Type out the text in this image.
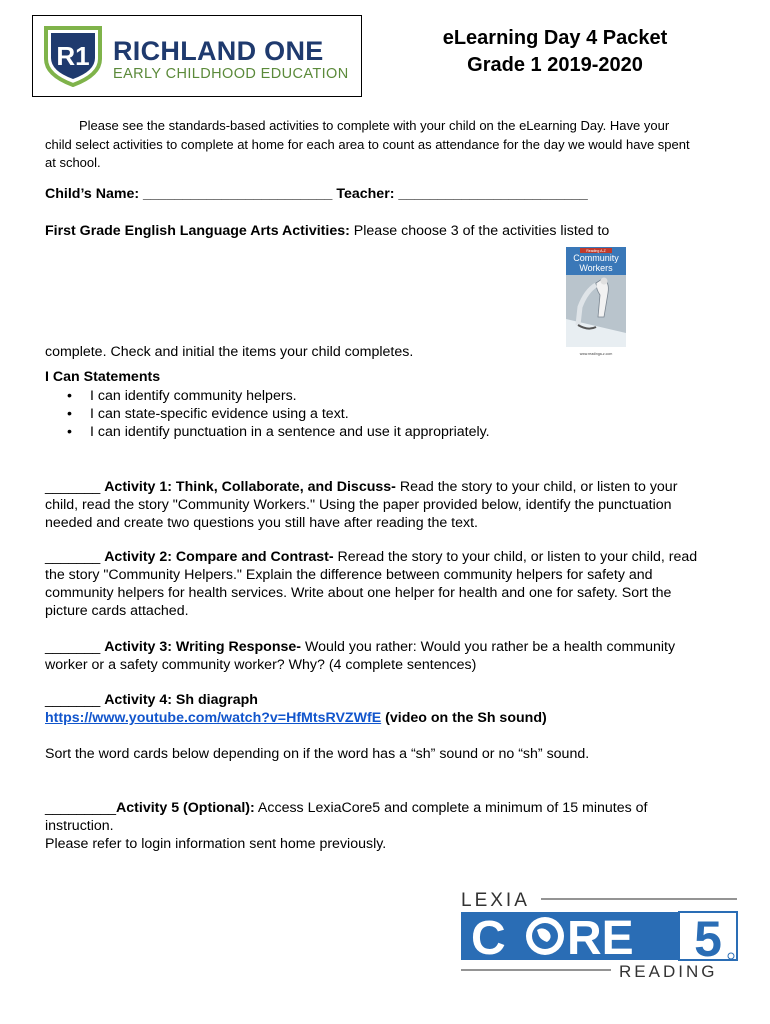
R1 RICHLAND ONE
EARLY CHILDHOOD EDUCATION
eLearning Day 4 Packet
Grade 1 2019-2020
Please see the standards-based activities to complete with your child on the eLearning Day. Have your child select activities to complete at home for each area to count as attendance for the day we would have spent at school.
Child’s Name: ________________________ Teacher: ________________________
First Grade English Language Arts Activities: Please choose 3 of the activities listed to
Reading A-Z
Community
Workers
www.readinga-z.com
complete. Check and initial the items your child completes.
I Can Statements
• I can identify community helpers.
• I can state-specific evidence using a text.
• I can identify punctuation in a sentence and use it appropriately.
_______ Activity 1: Think, Collaborate, and Discuss- Read the story to your child, or listen to your child, read the story "Community Workers." Using the paper provided below, identify the punctuation needed and create two questions you still have after reading the text.
_______ Activity 2: Compare and Contrast- Reread the story to your child, or listen to your child, read the story "Community Helpers." Explain the difference between community helpers for safety and community helpers for health services. Write about one helper for health and one for safety. Sort the picture cards attached.
_______ Activity 3: Writing Response- Would you rather: Would you rather be a health community worker or a safety community worker? Why? (4 complete sentences)
_______ Activity 4: Sh diagraph
https://www.youtube.com/watch?v=HfMtsRVZWfE (video on the Sh sound)
Sort the word cards below depending on if the word has a “sh” sound or no “sh” sound.
_________Activity 5 (Optional): Access LexiaCore5 and complete a minimum of 15 minutes of instruction.
Please refer to login information sent home previously.
LEXIA
C RE 5
READING
